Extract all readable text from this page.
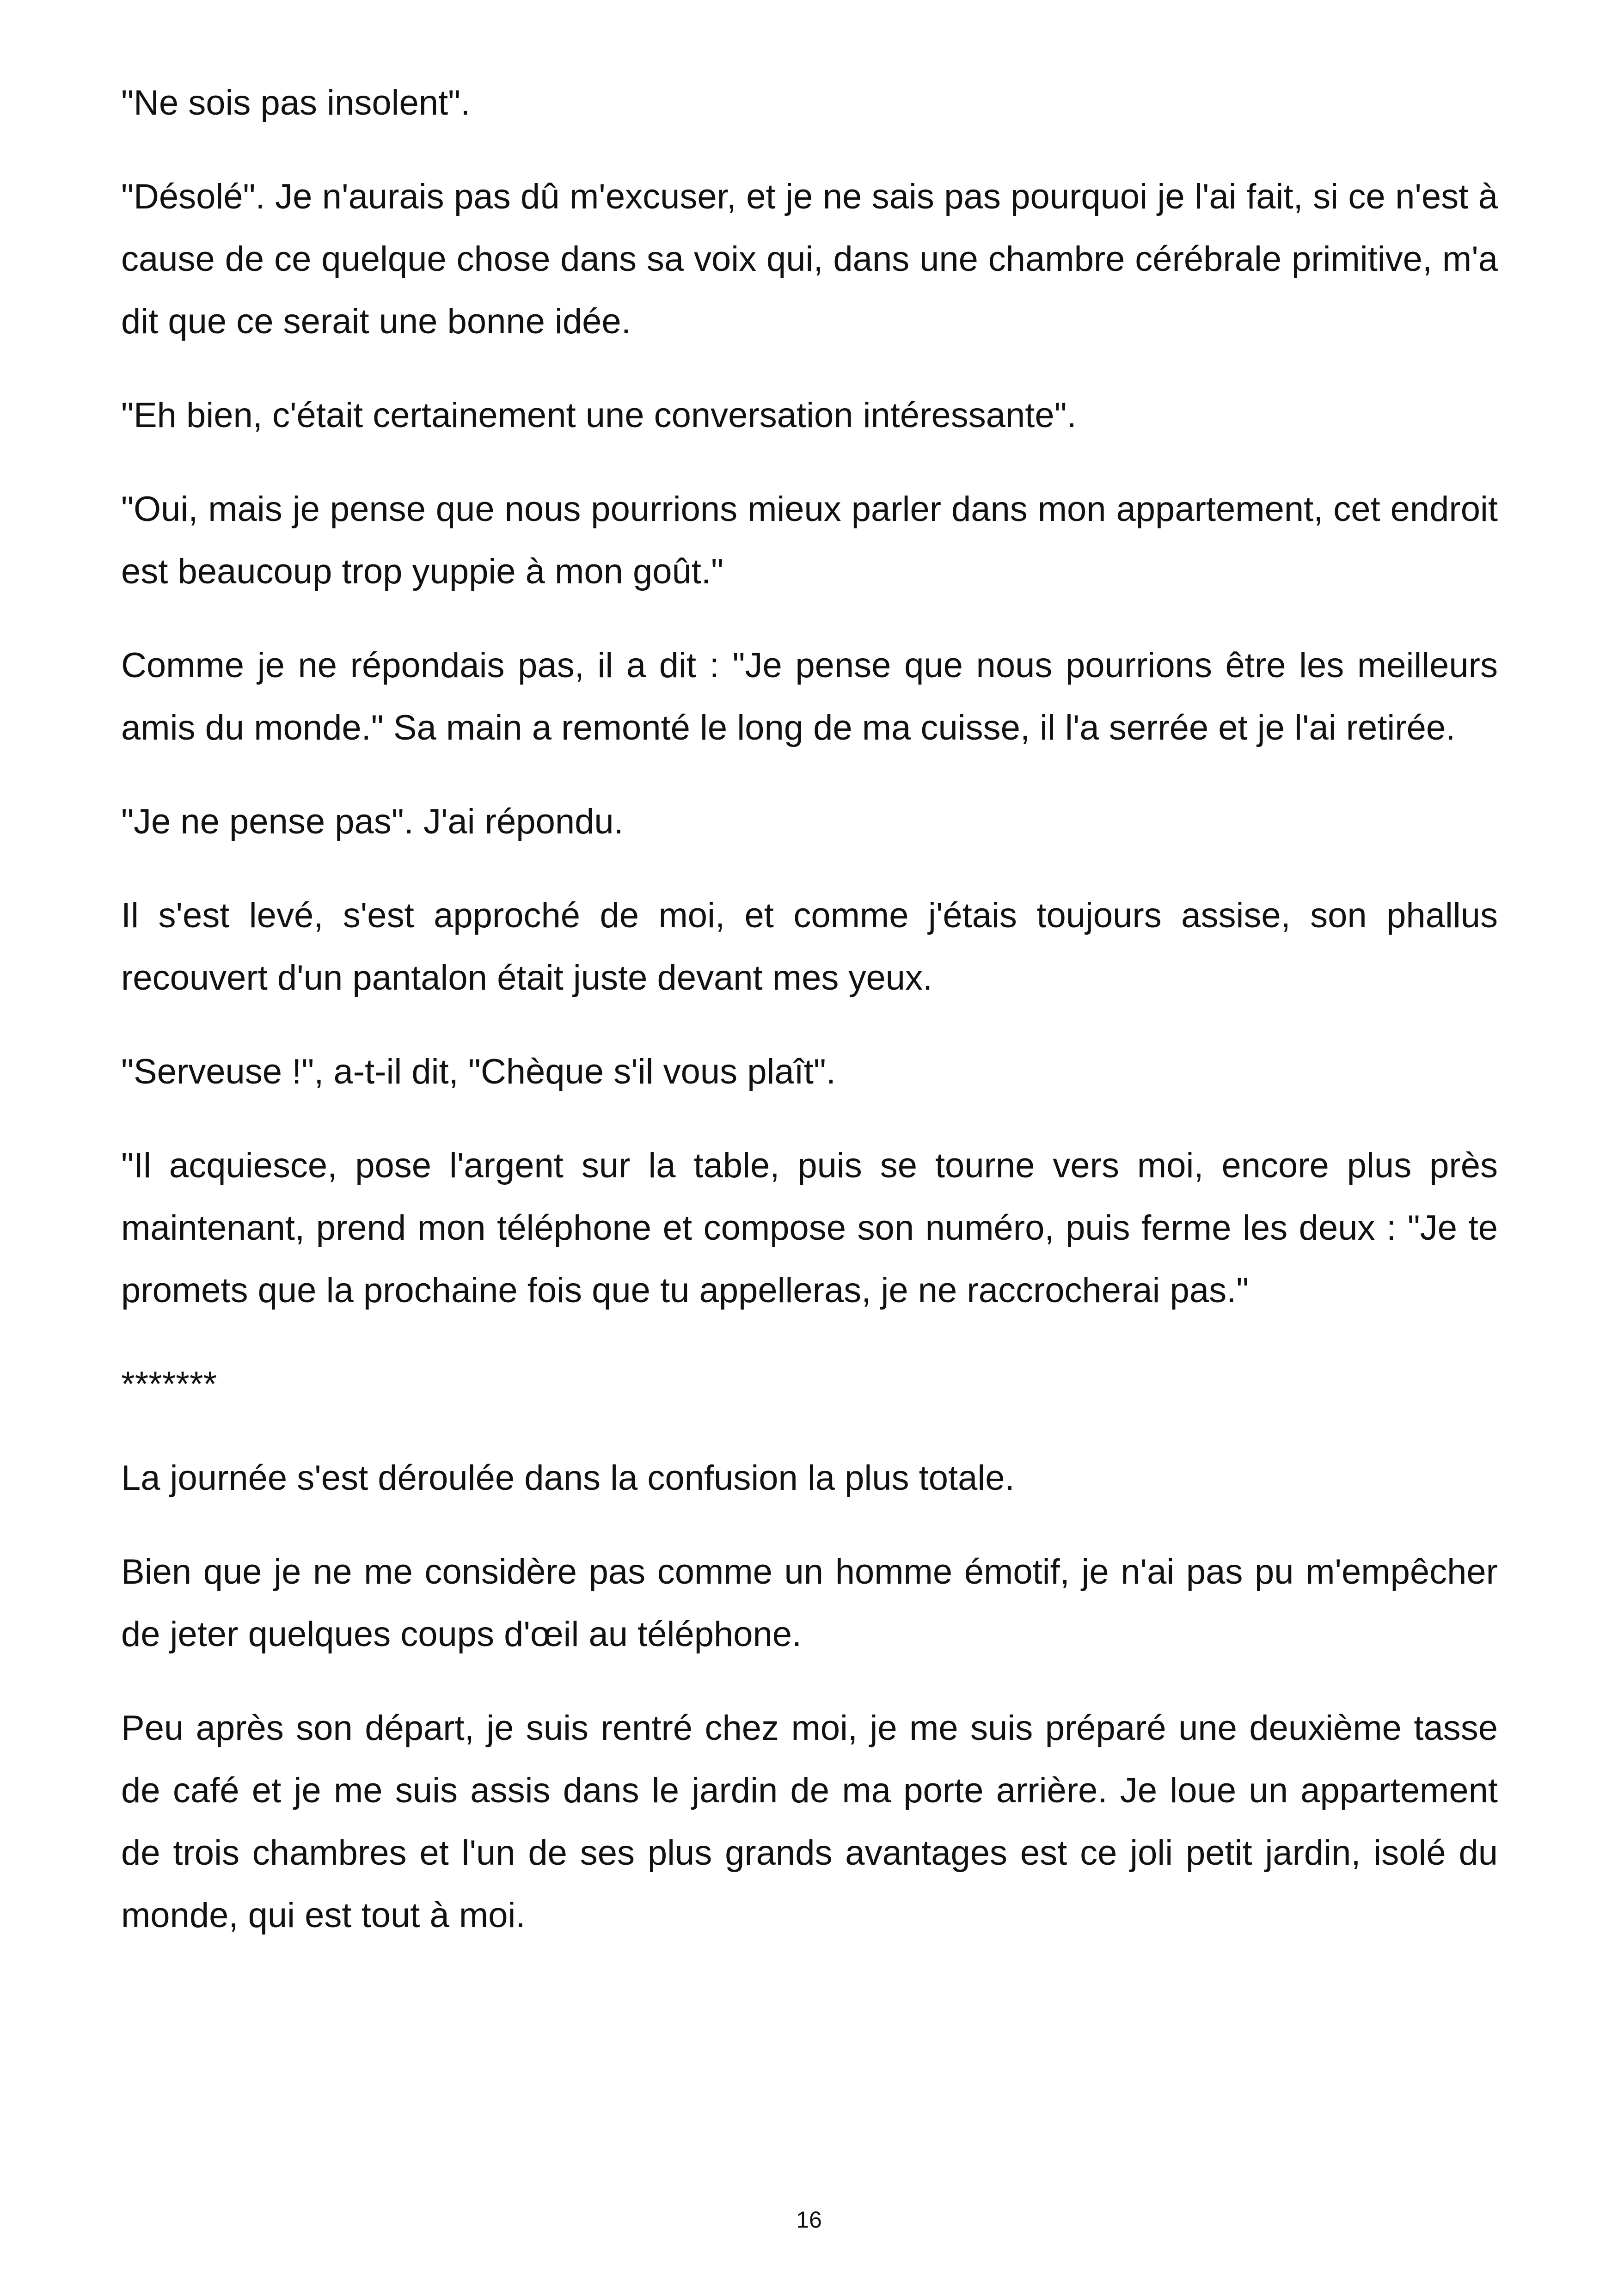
"Ne sois pas insolent".

"Désolé". Je n'aurais pas dû m'excuser, et je ne sais pas pourquoi je l'ai fait, si ce n'est à cause de ce quelque chose dans sa voix qui, dans une chambre cérébrale primitive, m'a dit que ce serait une bonne idée.

"Eh bien, c'était certainement une conversation intéressante".

"Oui, mais je pense que nous pourrions mieux parler dans mon appartement, cet endroit est beaucoup trop yuppie à mon goût."

Comme je ne répondais pas, il a dit : "Je pense que nous pourrions être les meilleurs amis du monde." Sa main a remonté le long de ma cuisse, il l'a serrée et je l'ai retirée.

"Je ne pense pas". J'ai répondu.

Il s'est levé, s'est approché de moi, et comme j'étais toujours assise, son phallus recouvert d'un pantalon était juste devant mes yeux.

"Serveuse !", a-t-il dit, "Chèque s'il vous plaît".

"Il acquiesce, pose l'argent sur la table, puis se tourne vers moi, encore plus près maintenant, prend mon téléphone et compose son numéro, puis ferme les deux : "Je te promets que la prochaine fois que tu appelleras, je ne raccrocherai pas."

*******

La journée s'est déroulée dans la confusion la plus totale.

Bien que je ne me considère pas comme un homme émotif, je n'ai pas pu m'empêcher de jeter quelques coups d'œil au téléphone.

Peu après son départ, je suis rentré chez moi, je me suis préparé une deuxième tasse de café et je me suis assis dans le jardin de ma porte arrière. Je loue un appartement de trois chambres et l'un de ses plus grands avantages est ce joli petit jardin, isolé du monde, qui est tout à moi.

16
